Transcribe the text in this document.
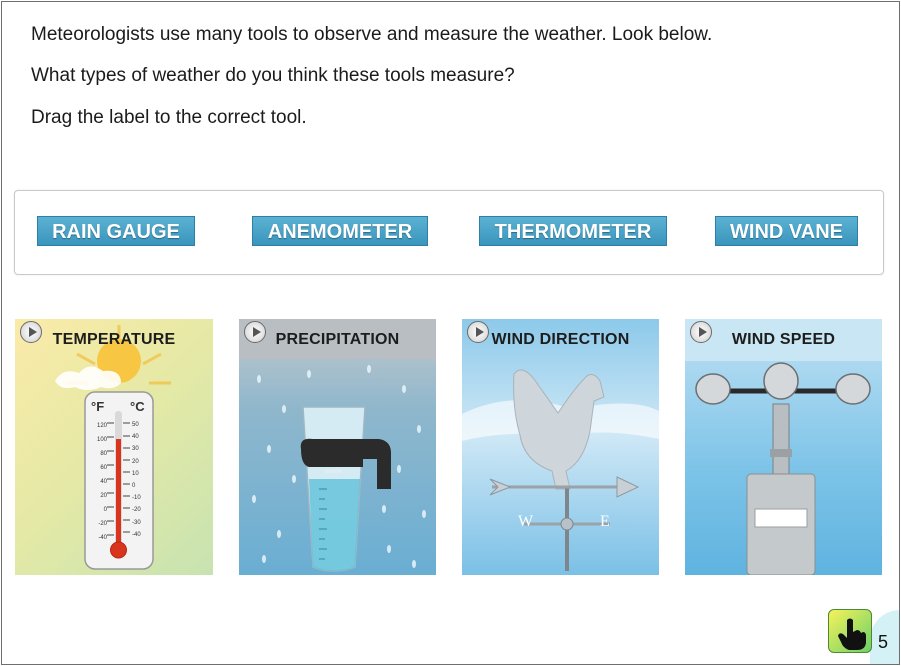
Meteorologists use many tools to observe and measure the weather. Look below.
What types of weather do you think these tools measure?
Drag the label to the correct tool.
RAIN GAUGE	ANEMOMETER	THERMOMETER	WIND VANE
°F °C
120
100
80
60
40
20
0
-20
-40
50
40
30
20
10
0
-10
-20
-30
-40
TEMPERATURE
mm/in
PRECIPITATION
W	E
WIND DIRECTION	WIND SPEED
5
